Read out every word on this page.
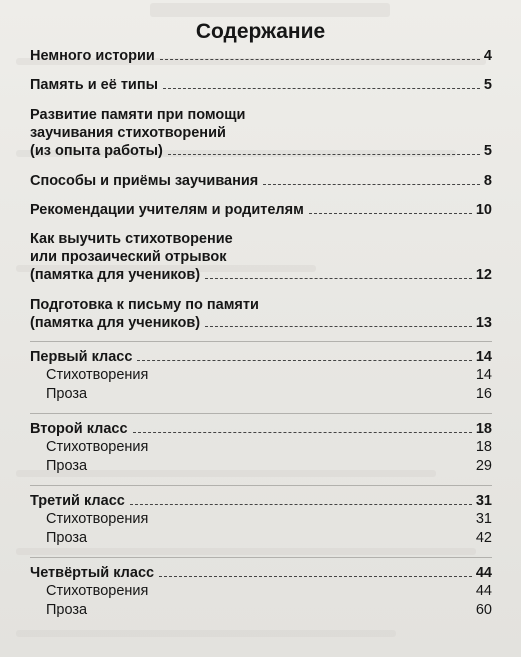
Содержание
Немного истории	4
Память и её типы	5
Развитие памяти при помощи
заучивания стихотворений
(из опыта работы)	5
Способы и приёмы заучивания	8
Рекомендации учителям и родителям	10
Как выучить стихотворение
или прозаический отрывок
(памятка для учеников)	12
Подготовка к письму по памяти
(памятка для учеников)	13
Первый класс	14
Стихотворения	14
Проза	16
Второй класс	18
Стихотворения	18
Проза	29
Третий класс	31
Стихотворения	31
Проза	42
Четвёртый класс	44
Стихотворения	44
Проза	60
